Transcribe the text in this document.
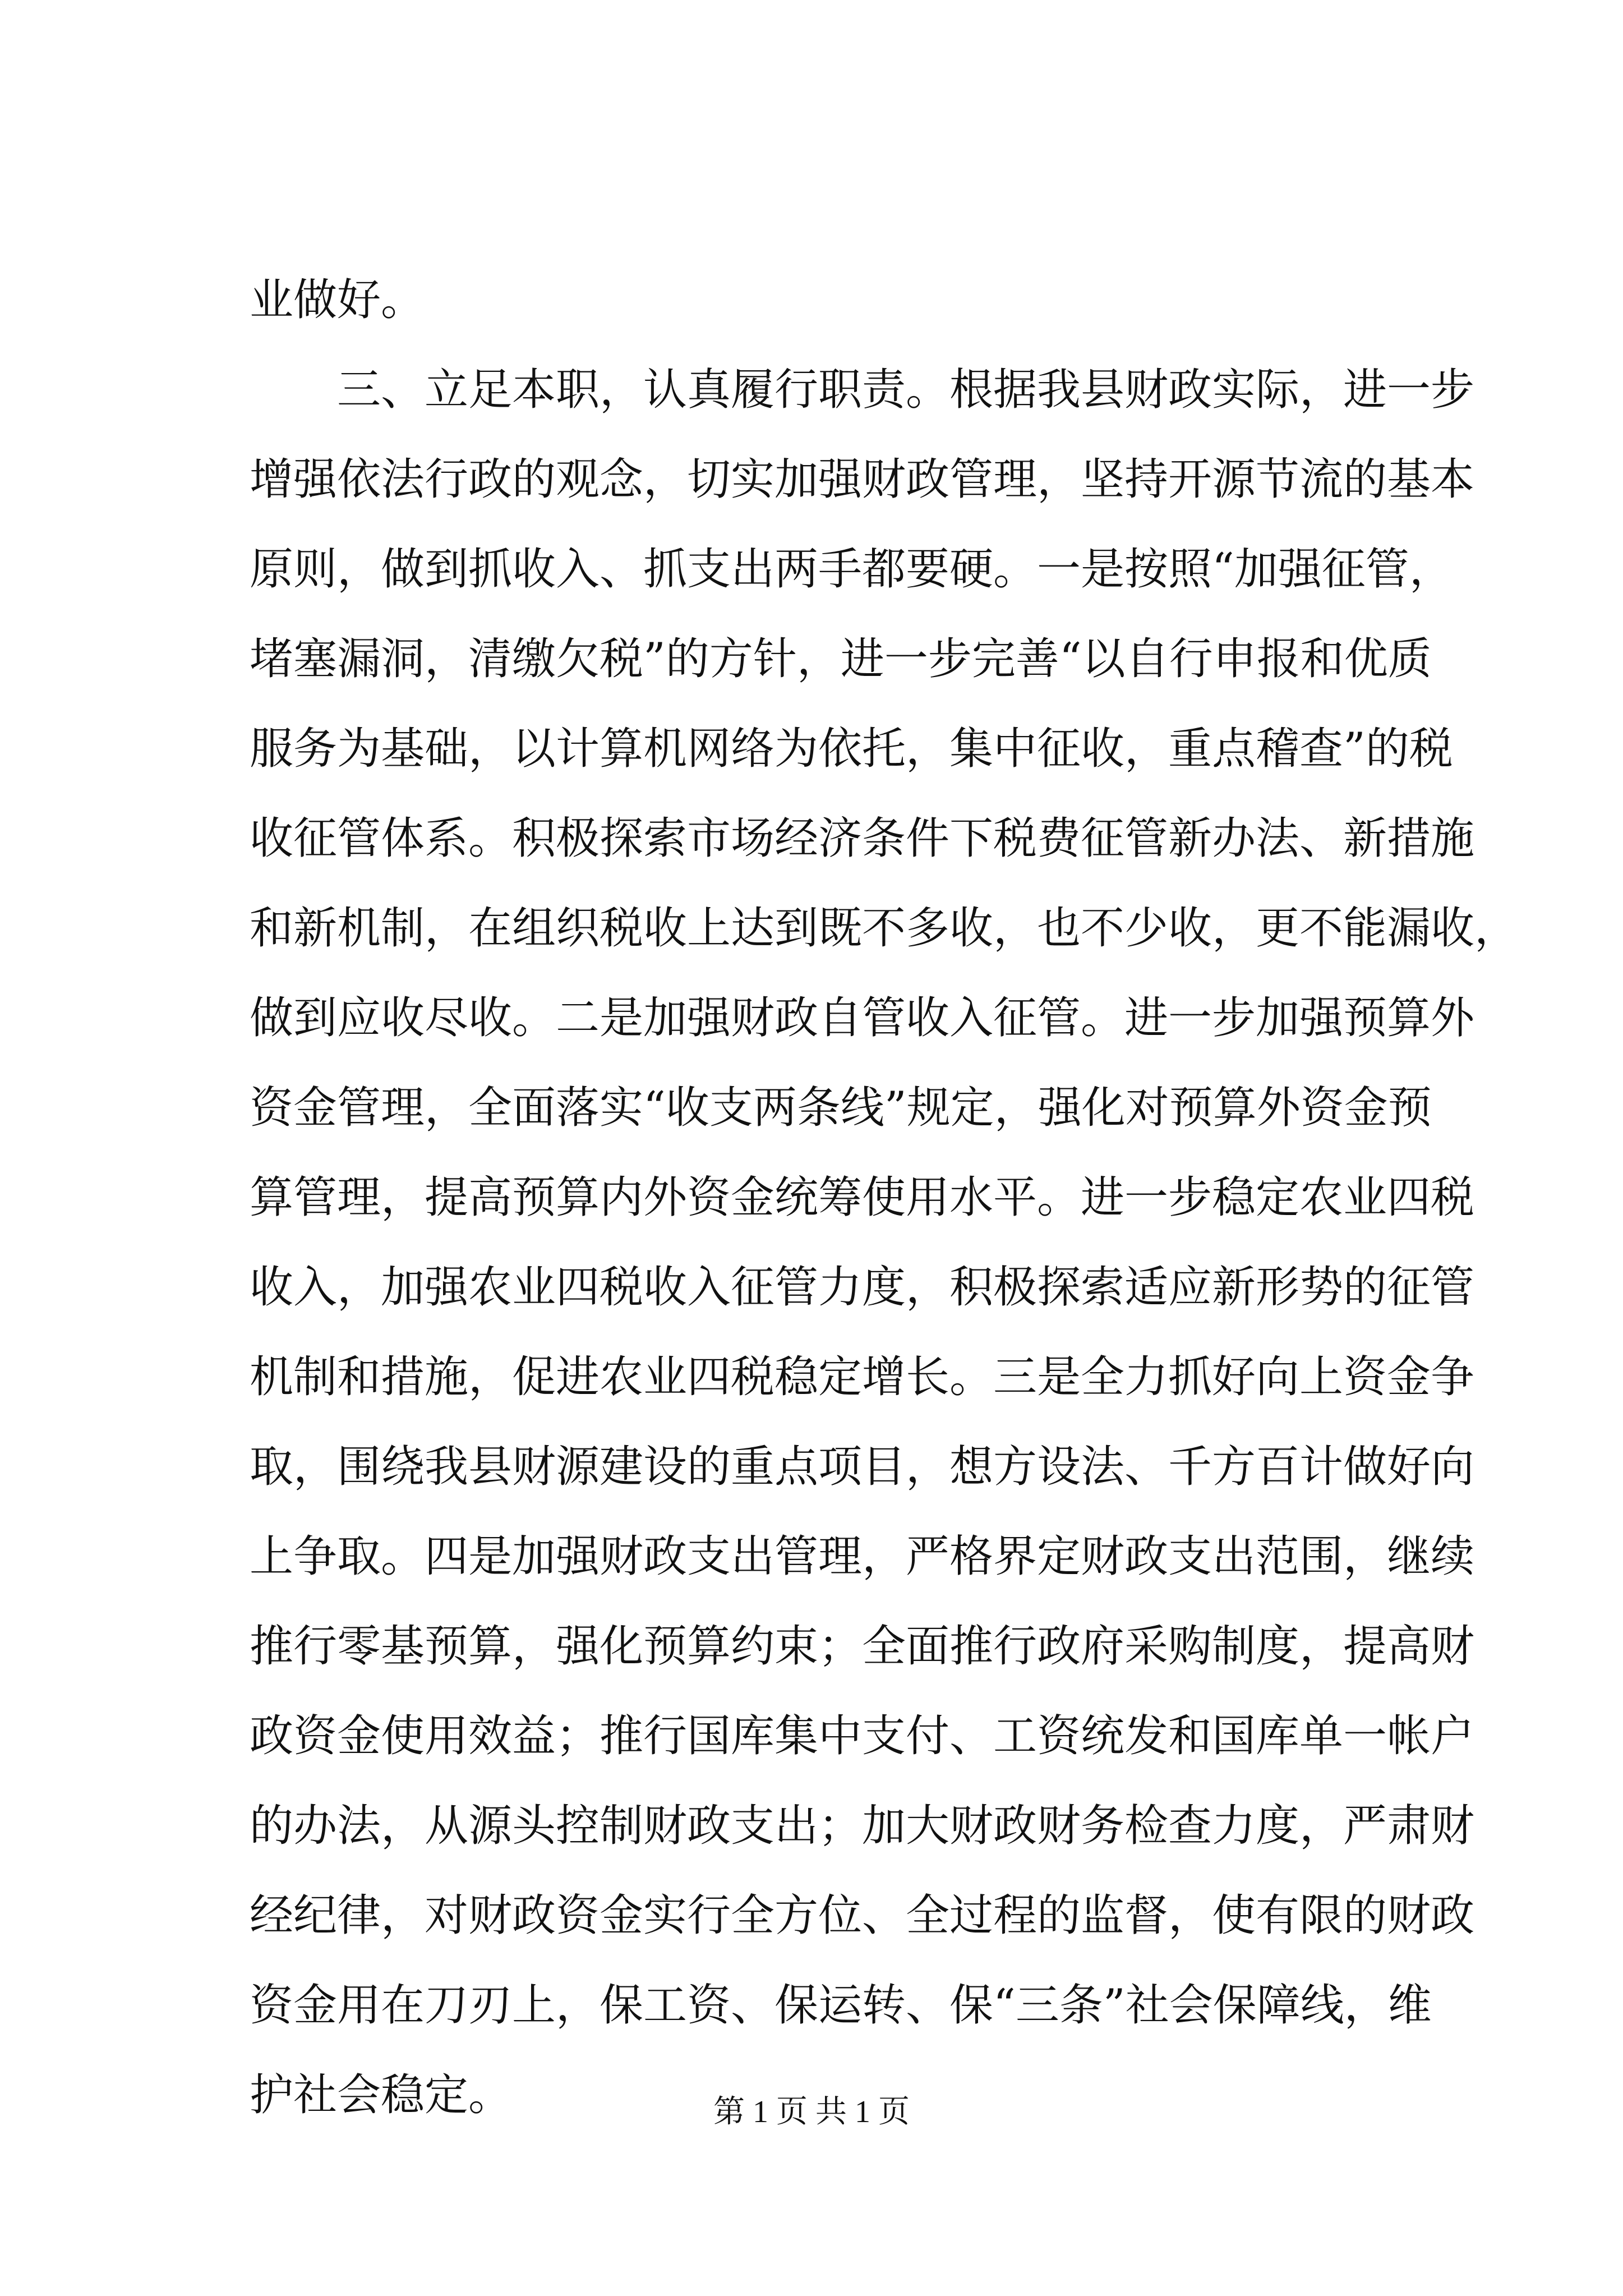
业做好。
三、立足本职，认真履行职责。根据我县财政实际，进一步
增强依法行政的观念，切实加强财政管理，坚持开源节流的基本
原则，做到抓收入、抓支出两手都要硬。一是按照“加强征管，
堵塞漏洞，清缴欠税”的方针，进一步完善“以自行申报和优质
服务为基础，以计算机网络为依托，集中征收，重点稽查”的税
收征管体系。积极探索市场经济条件下税费征管新办法、新措施
和新机制，在组织税收上达到既不多收，也不少收，更不能漏收，
做到应收尽收。二是加强财政自管收入征管。进一步加强预算外
资金管理，全面落实“收支两条线”规定，强化对预算外资金预
算管理，提高预算内外资金统筹使用水平。进一步稳定农业四税
收入，加强农业四税收入征管力度，积极探索适应新形势的征管
机制和措施，促进农业四税稳定增长。三是全力抓好向上资金争
取，围绕我县财源建设的重点项目，想方设法、千方百计做好向
上争取。四是加强财政支出管理，严格界定财政支出范围，继续
推行零基预算，强化预算约束；全面推行政府采购制度，提高财
政资金使用效益；推行国库集中支付、工资统发和国库单一帐户
的办法，从源头控制财政支出；加大财政财务检查力度，严肃财
经纪律，对财政资金实行全方位、全过程的监督，使有限的财政
资金用在刀刃上，保工资、保运转、保“三条”社会保障线，维
护社会稳定。	第 1 页 共 1 页
